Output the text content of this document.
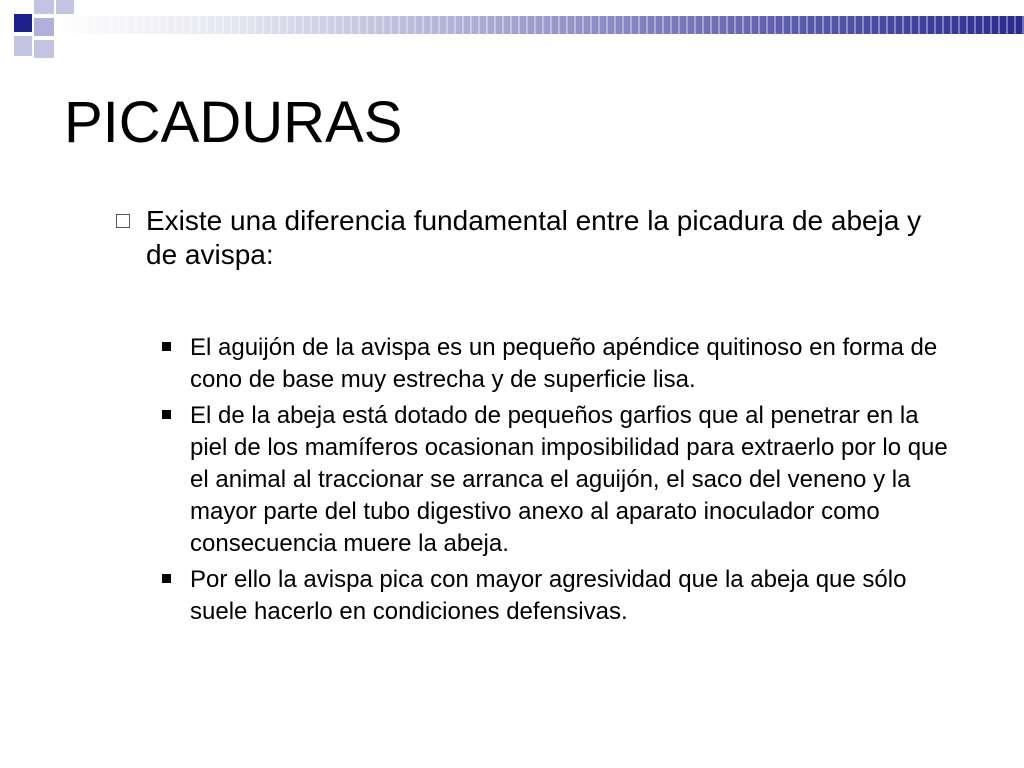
PICADURAS
Existe una diferencia fundamental entre la picadura de abeja y de avispa:
El aguijón de la avispa es un pequeño apéndice quitinoso en forma de cono de base muy estrecha y de superficie lisa.
El de la abeja está dotado de pequeños garfios que al penetrar en la piel de los mamíferos ocasionan imposibilidad para extraerlo por lo que el animal al traccionar se arranca el aguijón, el saco del veneno y la mayor parte del tubo digestivo anexo al aparato inoculador como consecuencia muere la abeja.
Por ello la avispa pica con mayor agresividad que la abeja que sólo suele hacerlo en condiciones defensivas.
